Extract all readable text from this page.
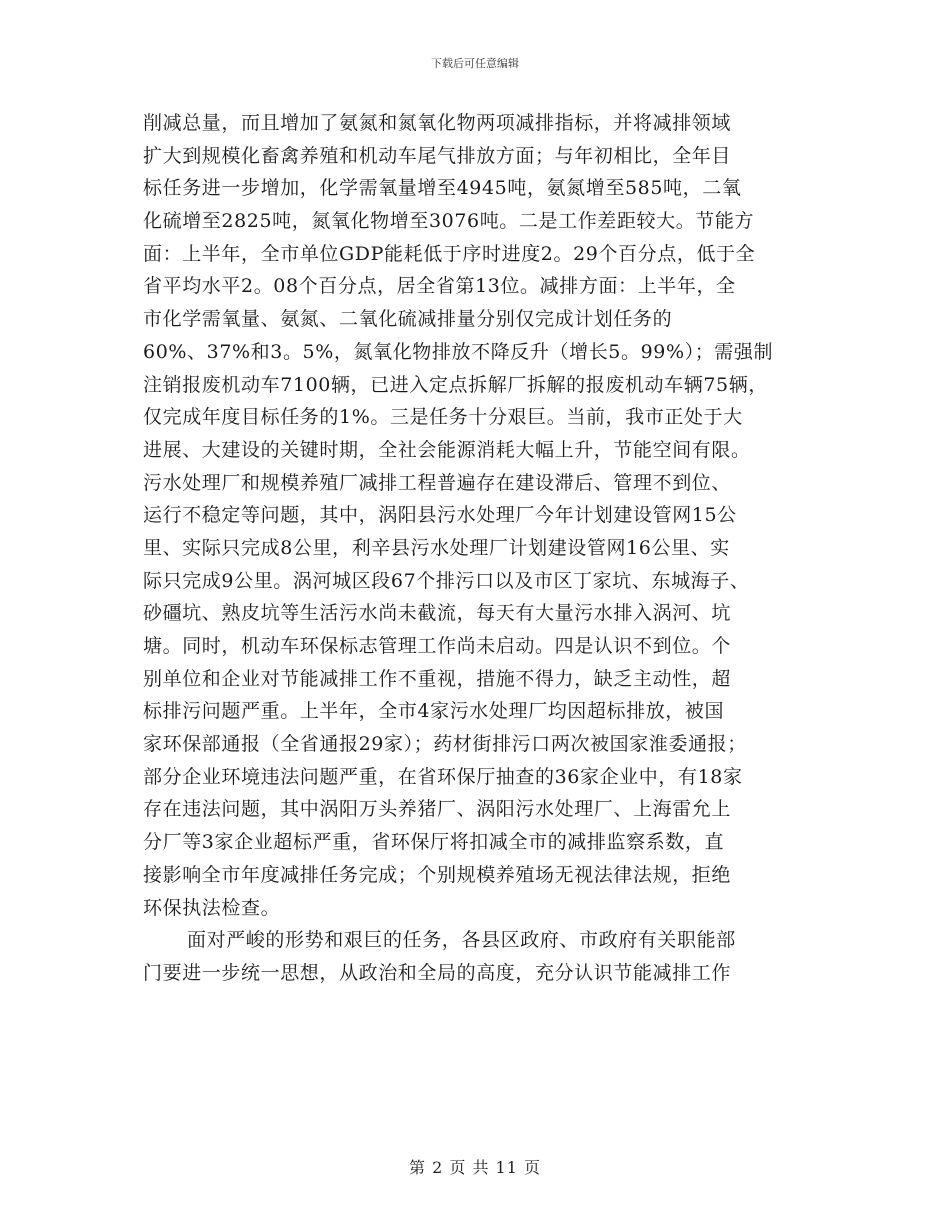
下载后可任意编辑
削减总量，而且增加了氨氮和氮氧化物两项减排指标，并将减排领域
扩大到规模化畜禽养殖和机动车尾气排放方面；与年初相比，全年目
标任务进一步增加，化学需氧量增至4945吨，氨氮增至585吨，二氧
化硫增至2825吨，氮氧化物增至3076吨。二是工作差距较大。节能方
面：上半年，全市单位GDP能耗低于序时进度2。29个百分点，低于全
省平均水平2。08个百分点，居全省第13位。减排方面：上半年，全
市化学需氧量、氨氮、二氧化硫减排量分别仅完成计划任务的
60%、37%和3。5%，氮氧化物排放不降反升（增长5。99%）；需强制
注销报废机动车7100辆，已进入定点拆解厂拆解的报废机动车辆75辆，
仅完成年度目标任务的1%。三是任务十分艰巨。当前，我市正处于大
进展、大建设的关键时期，全社会能源消耗大幅上升，节能空间有限。
污水处理厂和规模养殖厂减排工程普遍存在建设滞后、管理不到位、
运行不稳定等问题，其中，涡阳县污水处理厂今年计划建设管网15公
里、实际只完成8公里，利辛县污水处理厂计划建设管网16公里、实
际只完成9公里。涡河城区段67个排污口以及市区丁家坑、东城海子、
砂礓坑、熟皮坑等生活污水尚未截流，每天有大量污水排入涡河、坑
塘。同时，机动车环保标志管理工作尚未启动。四是认识不到位。个
别单位和企业对节能减排工作不重视，措施不得力，缺乏主动性，超
标排污问题严重。上半年，全市4家污水处理厂均因超标排放，被国
家环保部通报（全省通报29家）；药材街排污口两次被国家淮委通报；
部分企业环境违法问题严重，在省环保厅抽查的36家企业中，有18家
存在违法问题，其中涡阳万头养猪厂、涡阳污水处理厂、上海雷允上
分厂等3家企业超标严重，省环保厅将扣减全市的减排监察系数，直
接影响全市年度减排任务完成；个别规模养殖场无视法律法规，拒绝
环保执法检查。
面对严峻的形势和艰巨的任务，各县区政府、市政府有关职能部
门要进一步统一思想，从政治和全局的高度，充分认识节能减排工作
第 2 页 共 11 页
